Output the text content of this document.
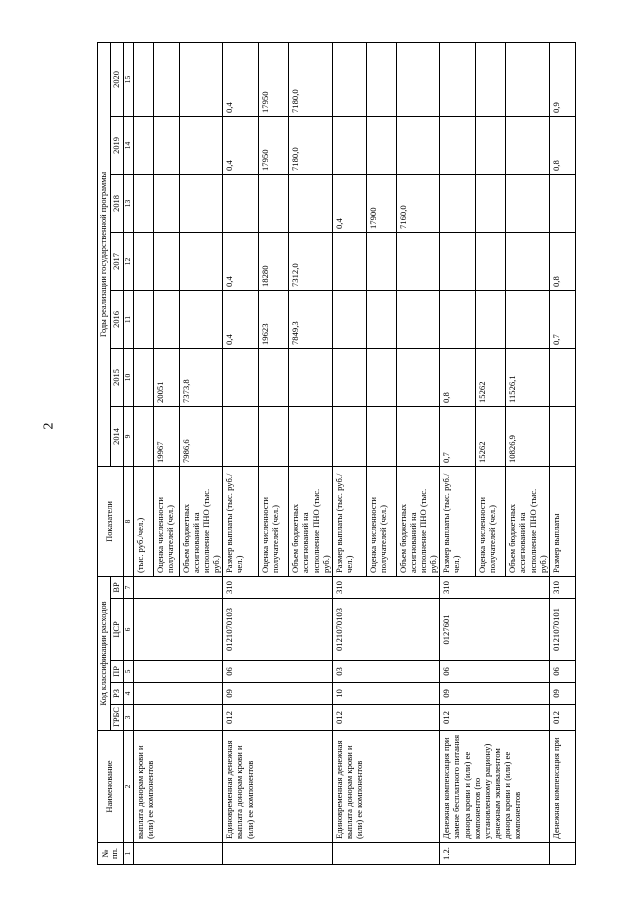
2
№ пп.	Наименование	Код классификации расходов					Показатели	Годы реализации государственной программы						
		ГРБС	РЗ	ПР	ЦСР	ВР		2014	2015	2016	2017	2018	2019	2020

1	2	3	4	5	6	7	8	9	10	11	12	13	14	15
	выплата донорам крови и (или) ее компонентов						(тыс. руб./чел.)							
							Оценка численности получателей (чел.)	19967	20051					
							Объем бюджетных ассигнований на исполнение ПНО (тыс. руб.)	7986,6	7373,8					
	Единовременная денежная выплата донорам крови и (или) ее компонентов	012	09	06	0121070103	310	Размер выплаты (тыс. руб./чел.)			0,4	0,4		0,4	0,4
							Оценка численности получателей (чел.)			19623	18280		17950	17950
							Объем бюджетных ассигнований на исполнение ПНО (тыс. руб.)			7849,3	7312,0		7180,0	7180,0
	Единовременная денежная выплата донорам крови и (или) ее компонентов	012	10	03	0121070103	310	Размер выплаты (тыс. руб./чел.)					0,4		
							Оценка численности получателей (чел.)					17900		
							Объем бюджетных ассигнований на исполнение ПНО (тыс. руб.)					7160,0		
1.2.	Денежная компенсация при замене бесплатного питания донора крови и (или) ее компонентов (по установленному рациону) денежным эквивалентом донора крови и (или) ее компонентов	012	09	06	0127601	310	Размер выплаты (тыс. руб./чел.)	0,7	0,8					
							Оценка численности получателей (чел.)	15262	15262					
							Объем бюджетных ассигнований на исполнение ПНО (тыс. руб.)	10826,9	11526,1					
	Денежная компенсация при	012	09	06	0121070101	310	Размер выплаты			0,7	0,8		0,8	0,9
